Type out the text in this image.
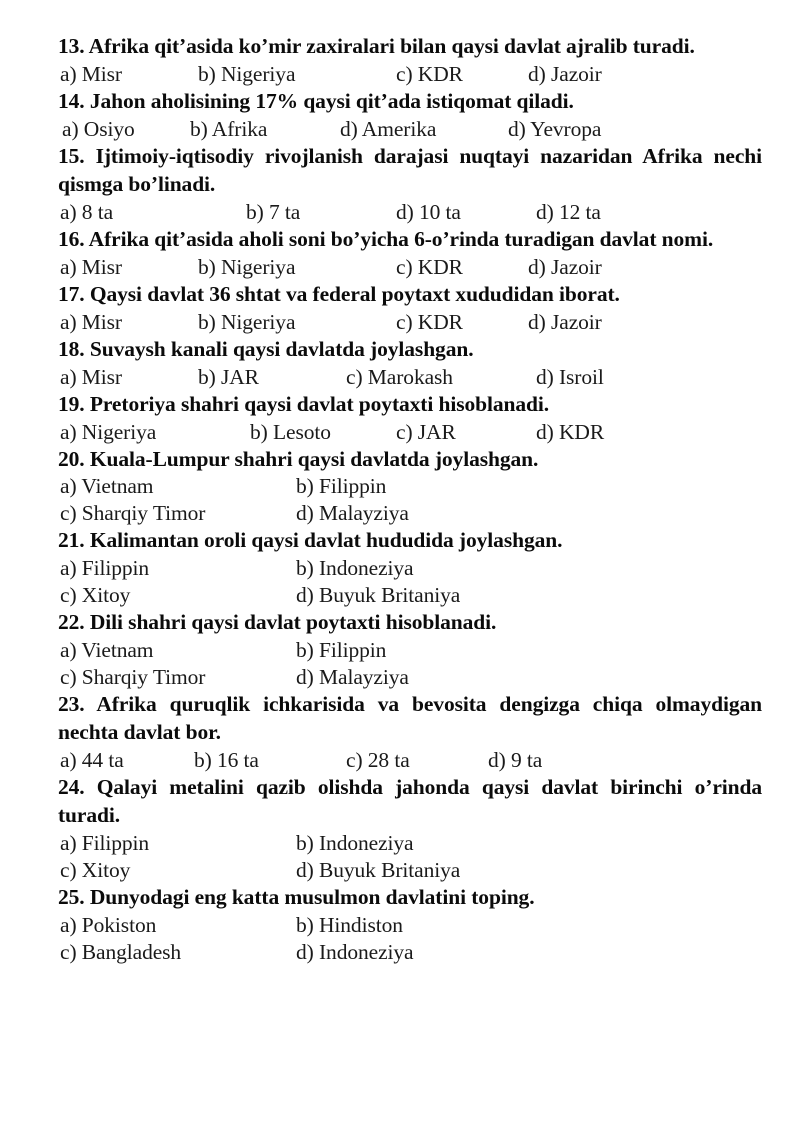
13. Afrika qit’asida ko’mir zaxiralari bilan qaysi davlat ajralib turadi.

a) Misr	b) Nigeriya	c) KDR	d) Jazoir

14. Jahon aholisining 17% qaysi qit’ada istiqomat qiladi.

a) Osiyo	b) Afrika	d) Amerika	d) Yevropa

15. Ijtimoiy-iqtisodiy rivojlanish darajasi nuqtayi nazaridan Afrika nechi qismga bo’linadi.

a) 8 ta	b) 7 ta	d) 10 ta	d) 12 ta

16. Afrika qit’asida aholi soni bo’yicha 6-o’rinda turadigan davlat nomi.

a) Misr	b) Nigeriya	c) KDR	d) Jazoir

17. Qaysi davlat 36 shtat va federal poytaxt xududidan iborat.

a) Misr	b) Nigeriya	c) KDR	d) Jazoir

18. Suvaysh kanali qaysi davlatda joylashgan.

a) Misr	b) JAR	c) Marokash	d) Isroil

19. Pretoriya shahri qaysi davlat poytaxti hisoblanadi.

a) Nigeriya	b) Lesoto	c) JAR	d) KDR

20. Kuala-Lumpur shahri qaysi davlatda joylashgan.

a) Vietnam	b) Filippin
c) Sharqiy Timor	d) Malayziya

21. Kalimantan oroli qaysi davlat hududida joylashgan.

a) Filippin	b) Indoneziya
c) Xitoy	d) Buyuk Britaniya

22. Dili shahri qaysi davlat poytaxti hisoblanadi.

a) Vietnam	b) Filippin
c) Sharqiy Timor	d) Malayziya

23. Afrika quruqlik ichkarisida va bevosita dengizga chiqa olmaydigan nechta davlat bor.

a) 44 ta	b) 16 ta	c) 28 ta	d) 9 ta

24. Qalayi metalini qazib olishda jahonda qaysi davlat birinchi o’rinda turadi.

a) Filippin	b) Indoneziya
c) Xitoy	d) Buyuk Britaniya

25. Dunyodagi eng katta musulmon davlatini toping.

a) Pokiston	b) Hindiston
c) Bangladesh	d) Indoneziya
